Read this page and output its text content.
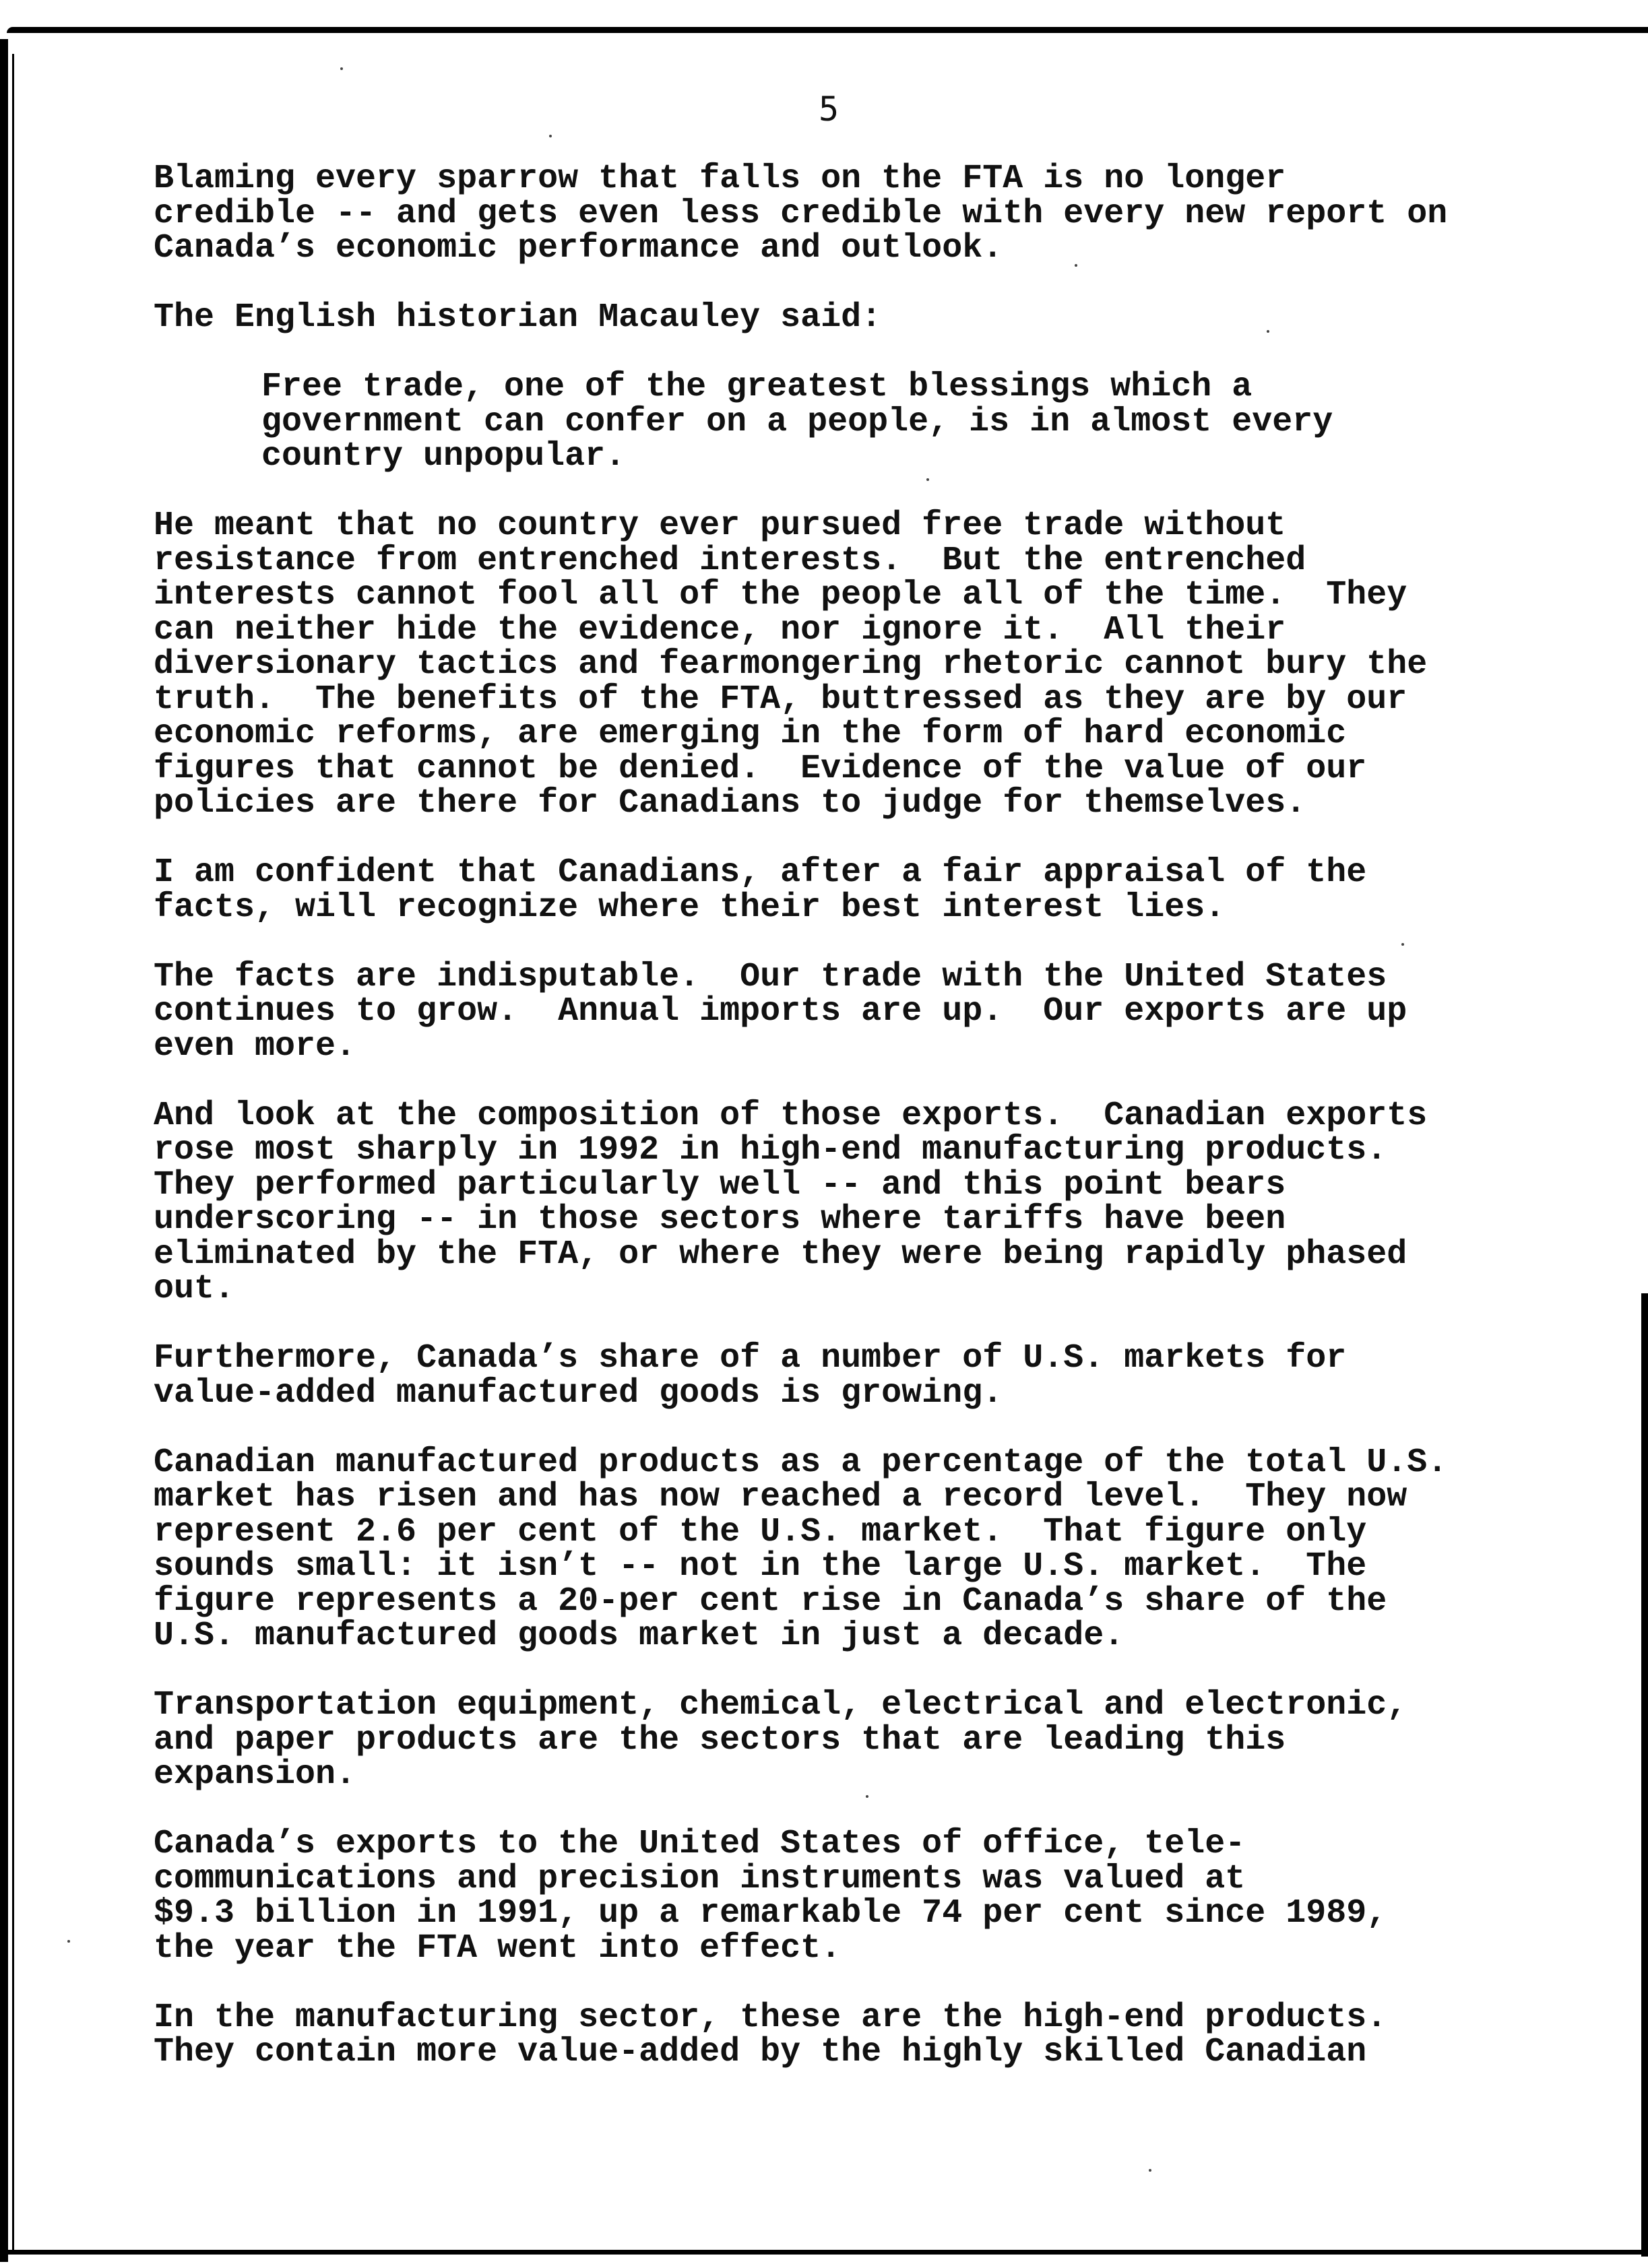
5

Blaming every sparrow that falls on the FTA is no longer
credible -- and gets even less credible with every new report on
Canada’s economic performance and outlook.

The English historian Macauley said:

Free trade, one of the greatest blessings which a
government can confer on a people, is in almost every
country unpopular.

He meant that no country ever pursued free trade without
resistance from entrenched interests.  But the entrenched
interests cannot fool all of the people all of the time.  They
can neither hide the evidence, nor ignore it.  All their
diversionary tactics and fearmongering rhetoric cannot bury the
truth.  The benefits of the FTA, buttressed as they are by our
economic reforms, are emerging in the form of hard economic
figures that cannot be denied.  Evidence of the value of our
policies are there for Canadians to judge for themselves.

I am confident that Canadians, after a fair appraisal of the
facts, will recognize where their best interest lies.

The facts are indisputable.  Our trade with the United States
continues to grow.  Annual imports are up.  Our exports are up
even more.

And look at the composition of those exports.  Canadian exports
rose most sharply in 1992 in high-end manufacturing products.
They performed particularly well -- and this point bears
underscoring -- in those sectors where tariffs have been
eliminated by the FTA, or where they were being rapidly phased
out.

Furthermore, Canada’s share of a number of U.S. markets for
value-added manufactured goods is growing.

Canadian manufactured products as a percentage of the total U.S.
market has risen and has now reached a record level.  They now
represent 2.6 per cent of the U.S. market.  That figure only
sounds small: it isn’t -- not in the large U.S. market.  The
figure represents a 20-per cent rise in Canada’s share of the
U.S. manufactured goods market in just a decade.

Transportation equipment, chemical, electrical and electronic,
and paper products are the sectors that are leading this
expansion.

Canada’s exports to the United States of office, tele-
communications and precision instruments was valued at
$9.3 billion in 1991, up a remarkable 74 per cent since 1989,
the year the FTA went into effect.

In the manufacturing sector, these are the high-end products.
They contain more value-added by the highly skilled Canadian
